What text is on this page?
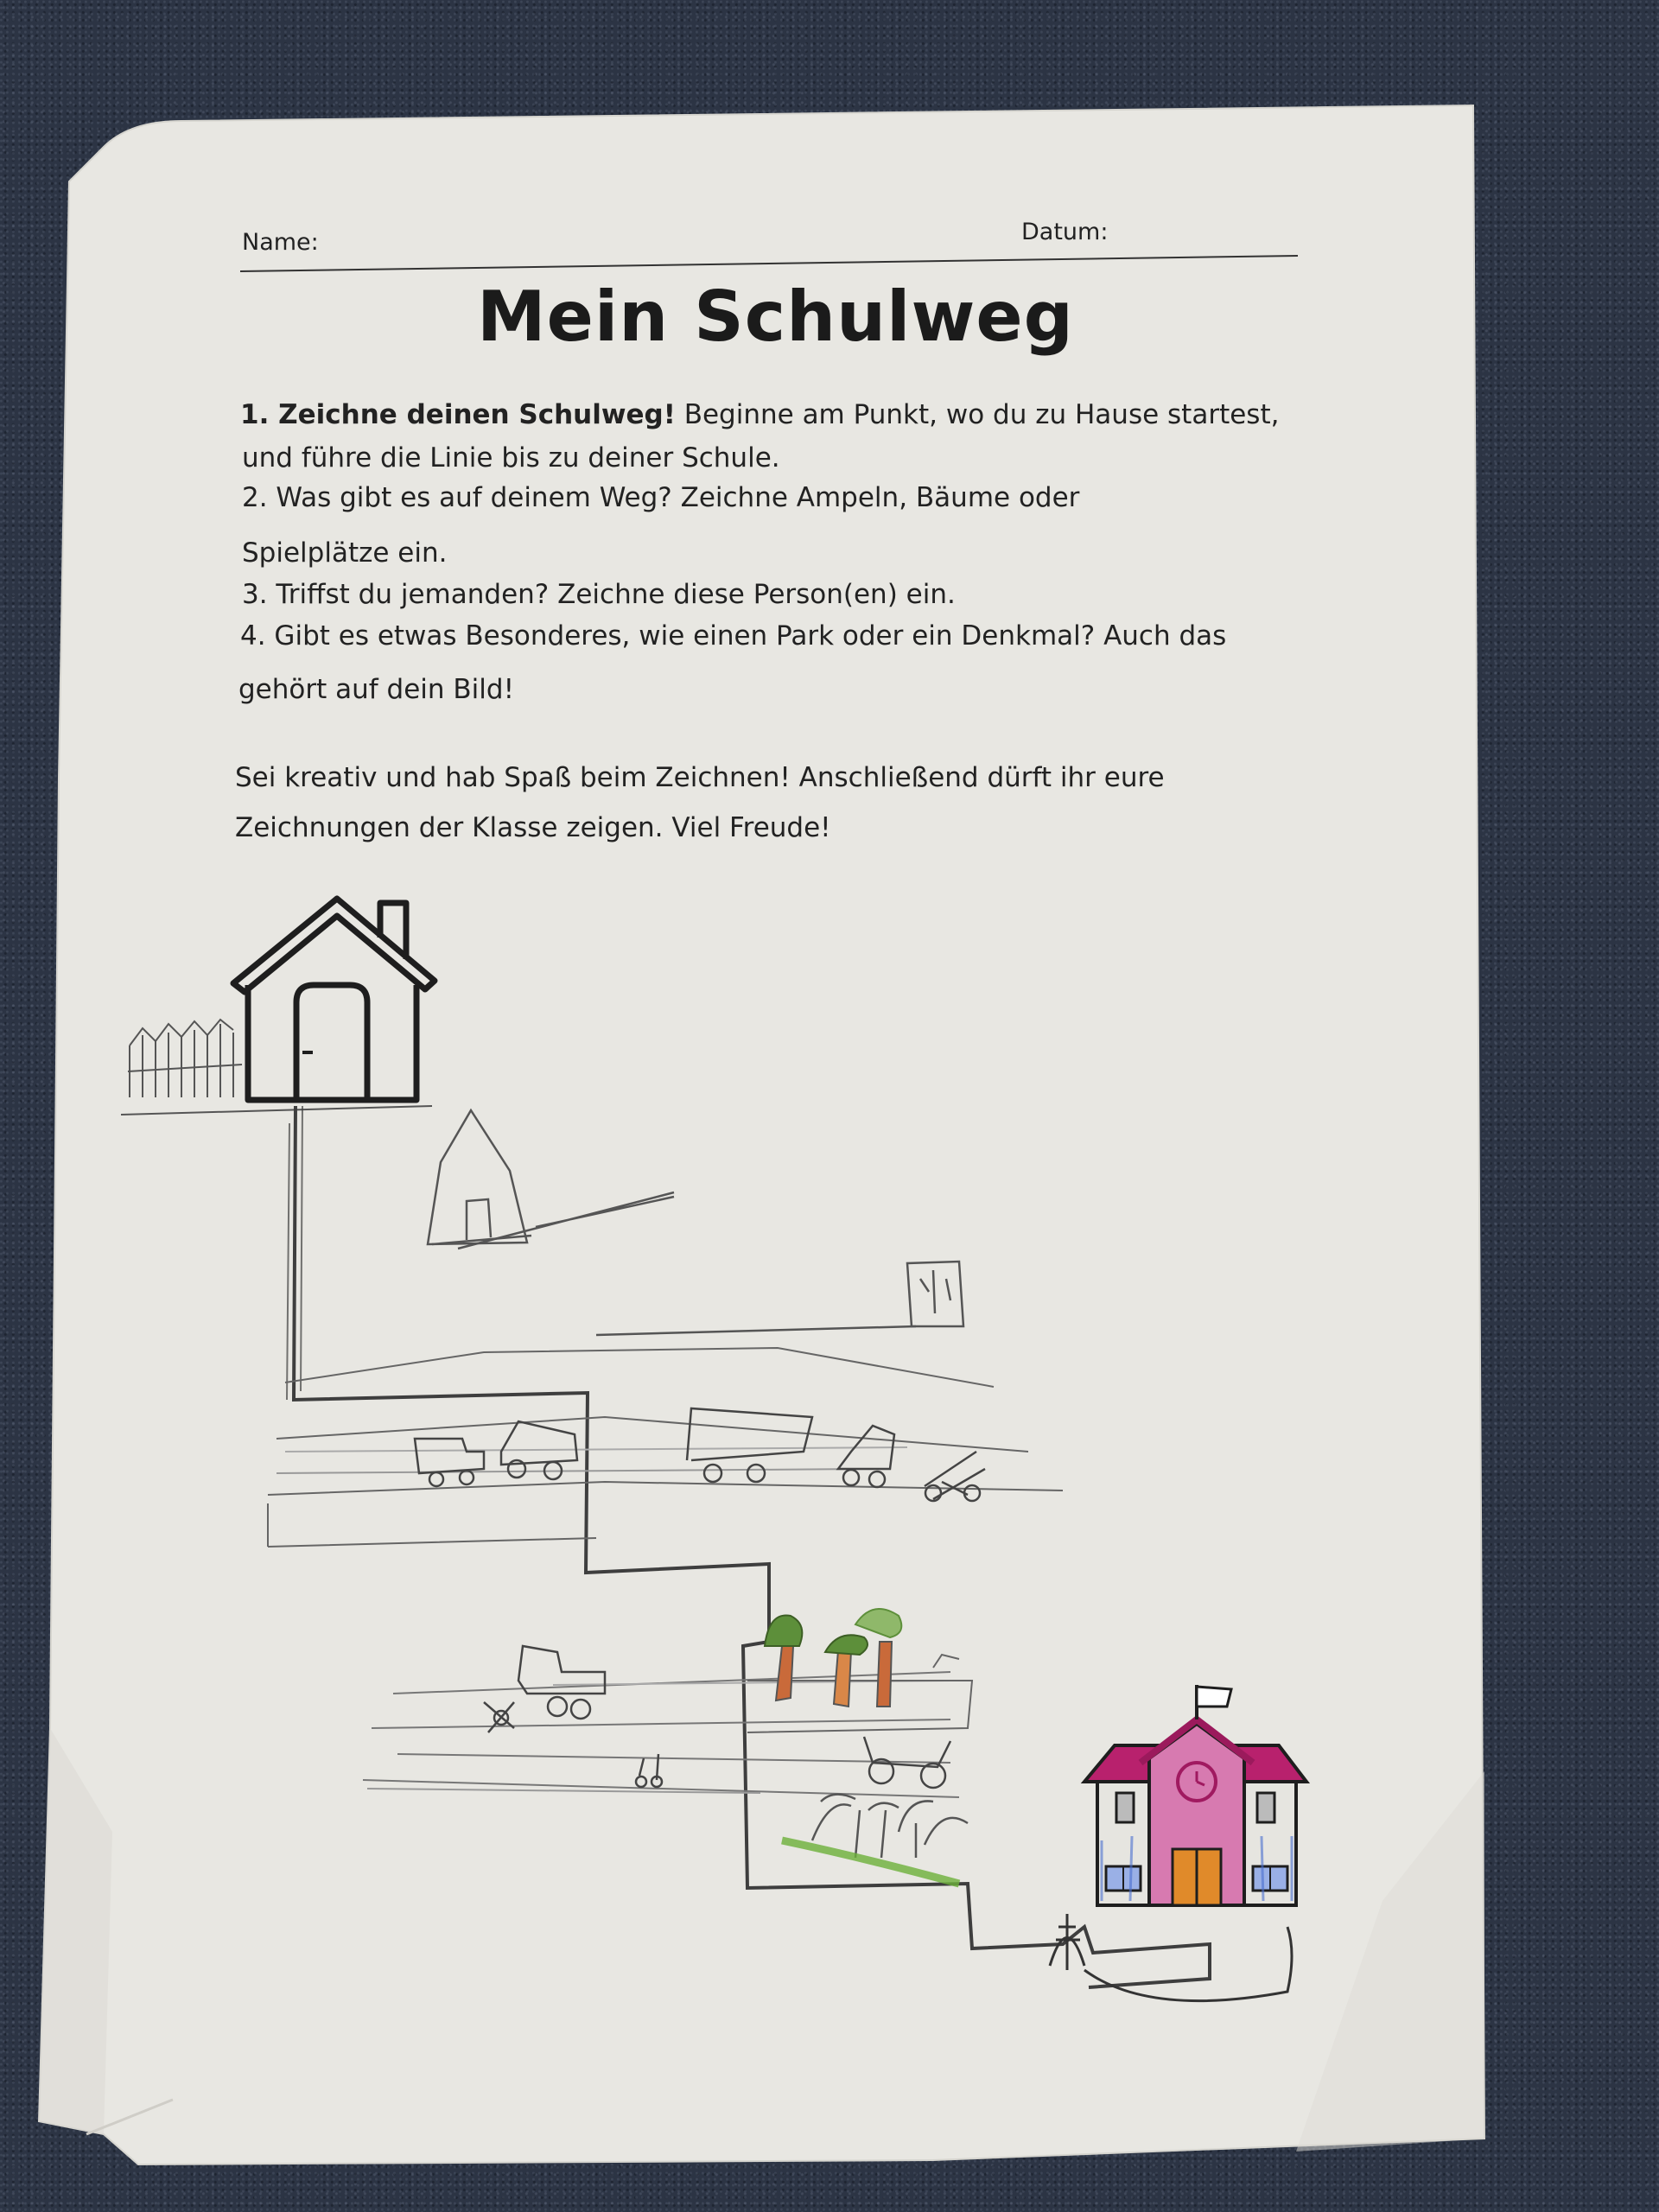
Name:	Datum:
Mein Schulweg
1. Zeichne deinen Schulweg! Beginne am Punkt, wo du zu Hause startest,
und führe die Linie bis zu deiner Schule.
2. Was gibt es auf deinem Weg? Zeichne Ampeln, Bäume oder
Spielplätze ein.
3. Triffst du jemanden? Zeichne diese Person(en) ein.
4. Gibt es etwas Besonderes, wie einen Park oder ein Denkmal? Auch das
gehört auf dein Bild!
Sei kreativ und hab Spaß beim Zeichnen! Anschließend dürft ihr eure
Zeichnungen der Klasse zeigen. Viel Freude!
